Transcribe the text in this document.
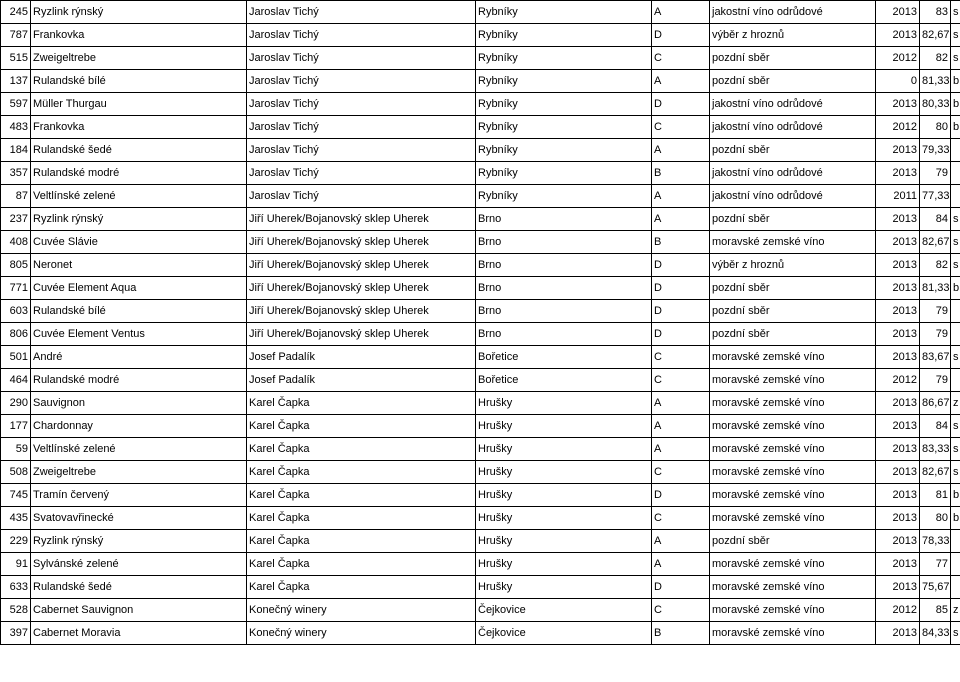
245	Ryzlink rýnský	Jaroslav Tichý	Rybníky	A	jakostní víno odrůdové	2013	83	s
787	Frankovka	Jaroslav Tichý	Rybníky	D	výběr z hroznů	2013	82,67	s
515	Zweigeltrebe	Jaroslav Tichý	Rybníky	C	pozdní sběr	2012	82	s
137	Rulandské bílé	Jaroslav Tichý	Rybníky	A	pozdní sběr	0	81,33	b
597	Müller Thurgau	Jaroslav Tichý	Rybníky	D	jakostní víno odrůdové	2013	80,33	b
483	Frankovka	Jaroslav Tichý	Rybníky	C	jakostní víno odrůdové	2012	80	b
184	Rulandské šedé	Jaroslav Tichý	Rybníky	A	pozdní sběr	2013	79,33	
357	Rulandské modré	Jaroslav Tichý	Rybníky	B	jakostní víno odrůdové	2013	79	
87	Veltlínské zelené	Jaroslav Tichý	Rybníky	A	jakostní víno odrůdové	2011	77,33	
237	Ryzlink rýnský	Jiří Uherek/Bojanovský sklep Uherek	Brno	A	pozdní sběr	2013	84	s
408	Cuvée Slávie	Jiří Uherek/Bojanovský sklep Uherek	Brno	B	moravské zemské víno	2013	82,67	s
805	Neronet	Jiří Uherek/Bojanovský sklep Uherek	Brno	D	výběr z hroznů	2013	82	s
771	Cuvée Element Aqua	Jiří Uherek/Bojanovský sklep Uherek	Brno	D	pozdní sběr	2013	81,33	b
603	Rulandské bílé	Jiří Uherek/Bojanovský sklep Uherek	Brno	D	pozdní sběr	2013	79	
806	Cuvée Element Ventus	Jiří Uherek/Bojanovský sklep Uherek	Brno	D	pozdní sběr	2013	79	
501	André	Josef Padalík	Bořetice	C	moravské zemské víno	2013	83,67	s
464	Rulandské modré	Josef Padalík	Bořetice	C	moravské zemské víno	2012	79	
290	Sauvignon	Karel Čapka	Hrušky	A	moravské zemské víno	2013	86,67	z
177	Chardonnay	Karel Čapka	Hrušky	A	moravské zemské víno	2013	84	s
59	Veltlínské zelené	Karel Čapka	Hrušky	A	moravské zemské víno	2013	83,33	s
508	Zweigeltrebe	Karel Čapka	Hrušky	C	moravské zemské víno	2013	82,67	s
745	Tramín červený	Karel Čapka	Hrušky	D	moravské zemské víno	2013	81	b
435	Svatovavřinecké	Karel Čapka	Hrušky	C	moravské zemské víno	2013	80	b
229	Ryzlink rýnský	Karel Čapka	Hrušky	A	pozdní sběr	2013	78,33	
91	Sylvánské zelené	Karel Čapka	Hrušky	A	moravské zemské víno	2013	77	
633	Rulandské šedé	Karel Čapka	Hrušky	D	moravské zemské víno	2013	75,67	
528	Cabernet Sauvignon	Konečný winery	Čejkovice	C	moravské zemské víno	2012	85	z
397	Cabernet Moravia	Konečný winery	Čejkovice	B	moravské zemské víno	2013	84,33	s
